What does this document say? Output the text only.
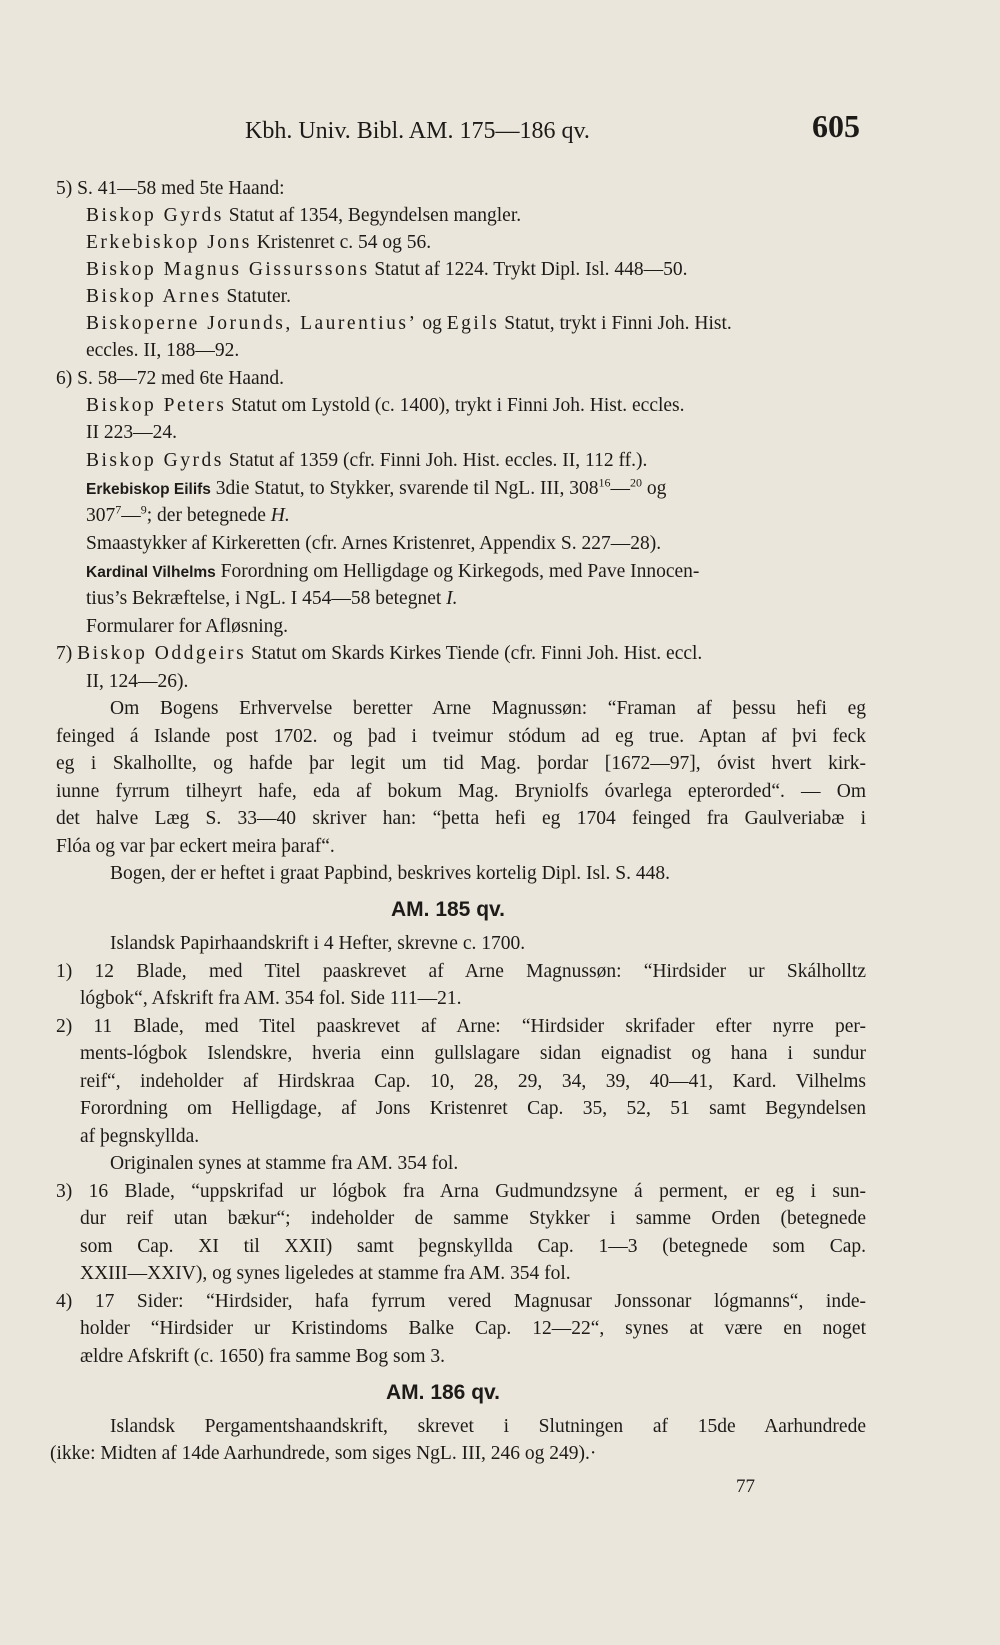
Kbh. Univ. Bibl. AM. 175—186 qv.	605
5) S. 41—58 med 5te Haand:
Biskop Gyrds Statut af 1354, Begyndelsen mangler.
Erkebiskop Jons Kristenret c. 54 og 56.
Biskop Magnus Gissurssons Statut af 1224. Trykt Dipl. Isl. 448—50.
Biskop Arnes Statuter.
Biskoperne Jorunds, Laurentius’ og Egils Statut, trykt i Finni Joh. Hist.
eccles. II, 188—92.
6) S. 58—72 med 6te Haand.
Biskop Peters Statut om Lystold (c. 1400), trykt i Finni Joh. Hist. eccles.
II 223—24.
Biskop Gyrds Statut af 1359 (cfr. Finni Joh. Hist. eccles. II, 112 ff.).
Erkebiskop Eilifs 3die Statut, to Stykker, svarende til NgL. III, $308^{16}—^{20}$ og
$307^7—^9$; der betegnede H.
Smaastykker af Kirkeretten (cfr. Arnes Kristenret, Appendix S. 227—28).
Kardinal Vilhelms Forordning om Helligdage og Kirkegods, med Pave Innocen-
tius’s Bekræftelse, i NgL. I 454—58 betegnet I.
Formularer for Afløsning.
7) Biskop Oddgeirs Statut om Skards Kirkes Tiende (cfr. Finni Joh. Hist. eccl.
II, 124—26).
Om Bogens Erhvervelse beretter Arne Magnussøn: “Framan af þessu hefi eg
feinged á Islande post 1702. og þad i tveimur stódum ad eg true. Aptan af þvi feck
eg i Skalhollte, og hafde þar legit um tid Mag. þordar [1672—97], óvist hvert kirk-
iunne fyrrum tilheyrt hafe, eda af bokum Mag. Bryniolfs óvarlega epterorded“. — Om
det halve Læg S. 33—40 skriver han: “þetta hefi eg 1704 feinged fra Gaulveriabæ i
Flóa og var þar eckert meira þaraf“.
Bogen, der er heftet i graat Papbind, beskrives kortelig Dipl. Isl. S. 448.
AM. 185 qv.
Islandsk Papirhaandskrift i 4 Hefter, skrevne c. 1700.
1) 12 Blade, med Titel paaskrevet af Arne Magnussøn: “Hirdsider ur Skálholltz
lógbok“, Afskrift fra AM. 354 fol. Side 111—21.
2) 11 Blade, med Titel paaskrevet af Arne: “Hirdsider skrifader efter nyrre per-
ments-lógbok Islendskre, hveria einn gullslagare sidan eignadist og hana i sundur
reif“, indeholder af Hirdskraa Cap. 10, 28, 29, 34, 39, 40—41, Kard. Vilhelms
Forordning om Helligdage, af Jons Kristenret Cap. 35, 52, 51 samt Begyndelsen
af þegnskyllda.
Originalen synes at stamme fra AM. 354 fol.
3) 16 Blade, “uppskrifad ur lógbok fra Arna Gudmundzsyne á perment, er eg i sun-
dur reif utan bækur“; indeholder de samme Stykker i samme Orden (betegnede
som Cap. XI til XXII) samt þegnskyllda Cap. 1—3 (betegnede som Cap.
XXIII—XXIV), og synes ligeledes at stamme fra AM. 354 fol.
4) 17 Sider: “Hirdsider, hafa fyrrum vered Magnusar Jonssonar lógmanns“, inde-
holder “Hirdsider ur Kristindoms Balke Cap. 12—22“, synes at være en noget
ældre Afskrift (c. 1650) fra samme Bog som 3.
AM. 186 qv.
Islandsk Pergamentshaandskrift, skrevet i Slutningen af 15de Aarhundrede
(ikke: Midten af 14de Aarhundrede, som siges NgL. III, 246 og 249).·
77
